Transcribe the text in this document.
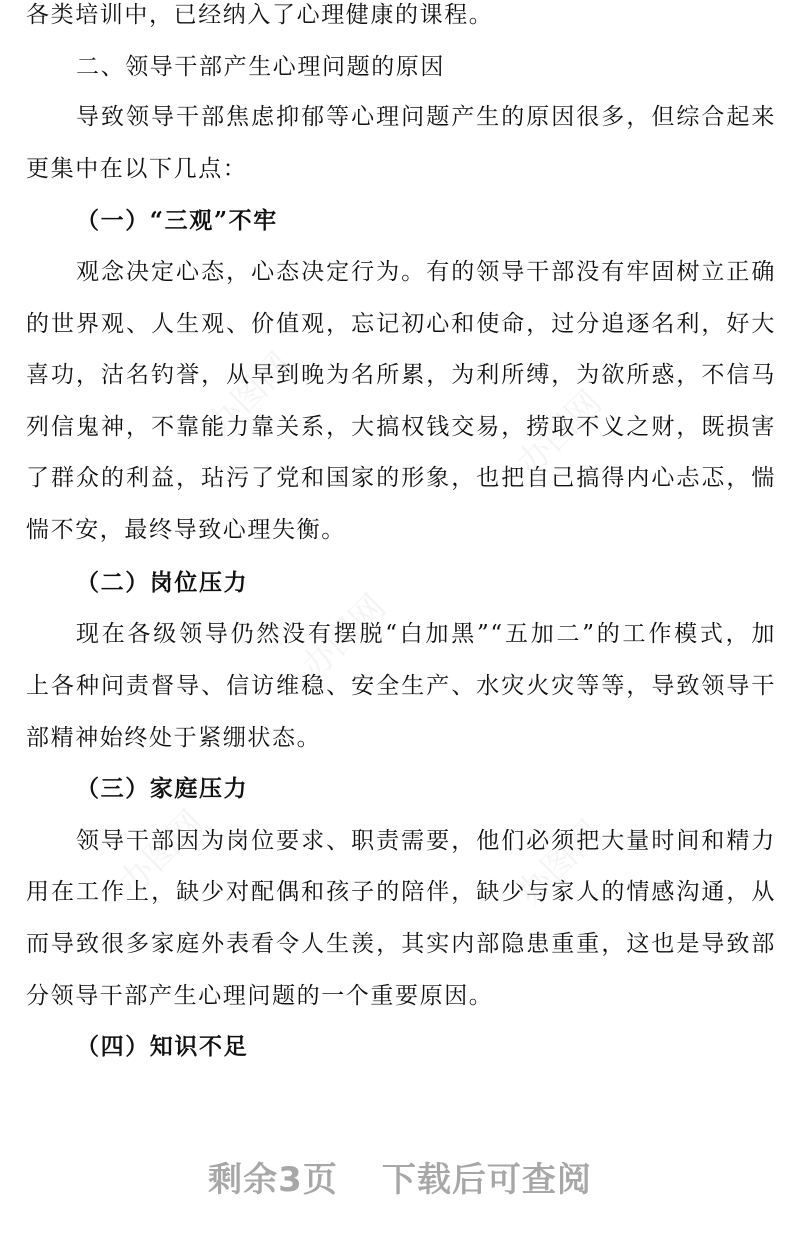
办图网	办图网
办图网
办图网	办图网
各类培训中，已经纳入了心理健康的课程。
二、领导干部产生心理问题的原因
导致领导干部焦虑抑郁等心理问题产生的原因很多，但综合起来
更集中在以下几点：
（一）“三观”不牢
观念决定心态，心态决定行为。有的领导干部没有牢固树立正确
的世界观、人生观、价值观，忘记初心和使命，过分追逐名利，好大
喜功，沽名钓誉，从早到晚为名所累，为利所缚，为欲所惑，不信马
列信鬼神，不靠能力靠关系，大搞权钱交易，捞取不义之财，既损害
了群众的利益，玷污了党和国家的形象，也把自己搞得内心忐忑，惴
惴不安，最终导致心理失衡。
（二）岗位压力
现在各级领导仍然没有摆脱“白加黑”“五加二”的工作模式，加
上各种问责督导、信访维稳、安全生产、水灾火灾等等，导致领导干
部精神始终处于紧绷状态。
（三）家庭压力
领导干部因为岗位要求、职责需要，他们必须把大量时间和精力
用在工作上，缺少对配偶和孩子的陪伴，缺少与家人的情感沟通，从
而导致很多家庭外表看令人生羡，其实内部隐患重重，这也是导致部
分领导干部产生心理问题的一个重要原因。
（四）知识不足
剩余3页 下载后可查阅
